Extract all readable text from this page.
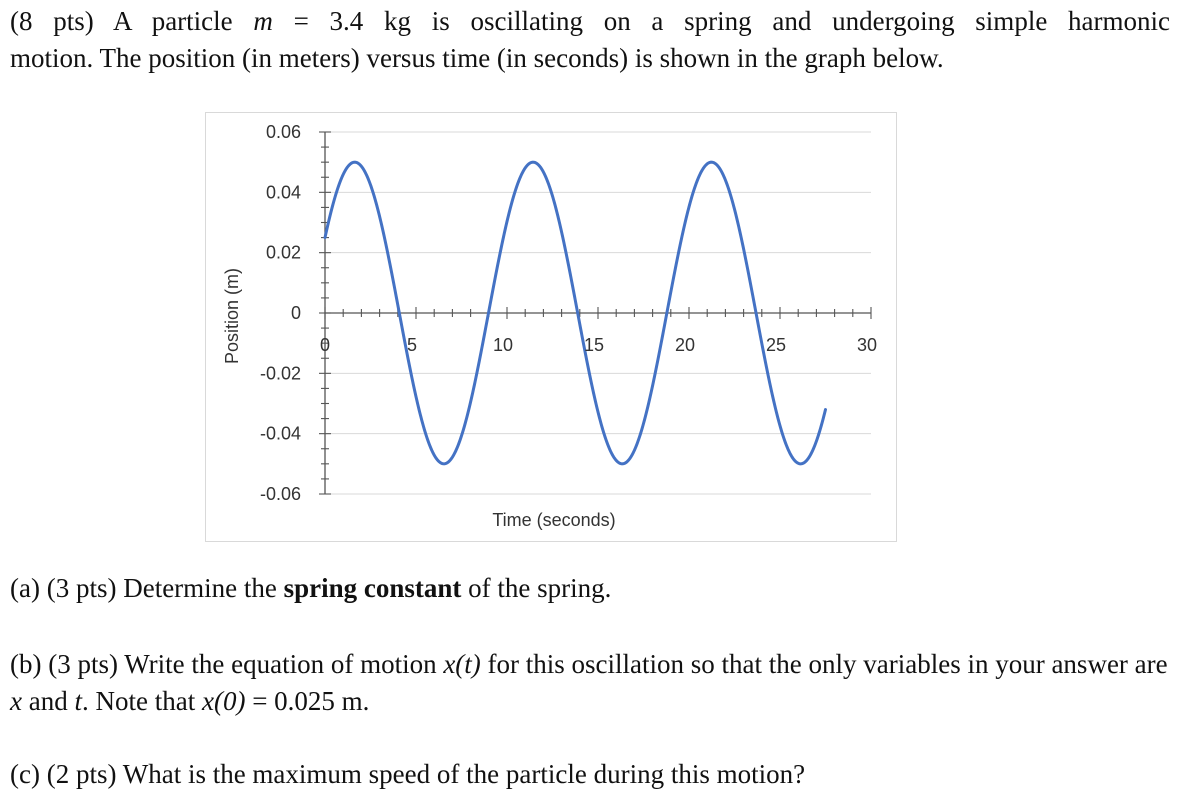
(8 pts) A particle m = 3.4 kg is oscillating on a spring and undergoing simple harmonic
motion. The position (in meters) versus time (in seconds) is shown in the graph below.

0.06
0.04
0.02
0
-0.02
-0.04
-0.06
0	5	10	15	20	25	30
Time (seconds)
Position (m)

(a) (3 pts) Determine the spring constant of the spring.

(b) (3 pts) Write the equation of motion x(t) for this oscillation so that the only variables in your answer are x and t. Note that x(0) = 0.025 m.

(c) (2 pts) What is the maximum speed of the particle during this motion?
